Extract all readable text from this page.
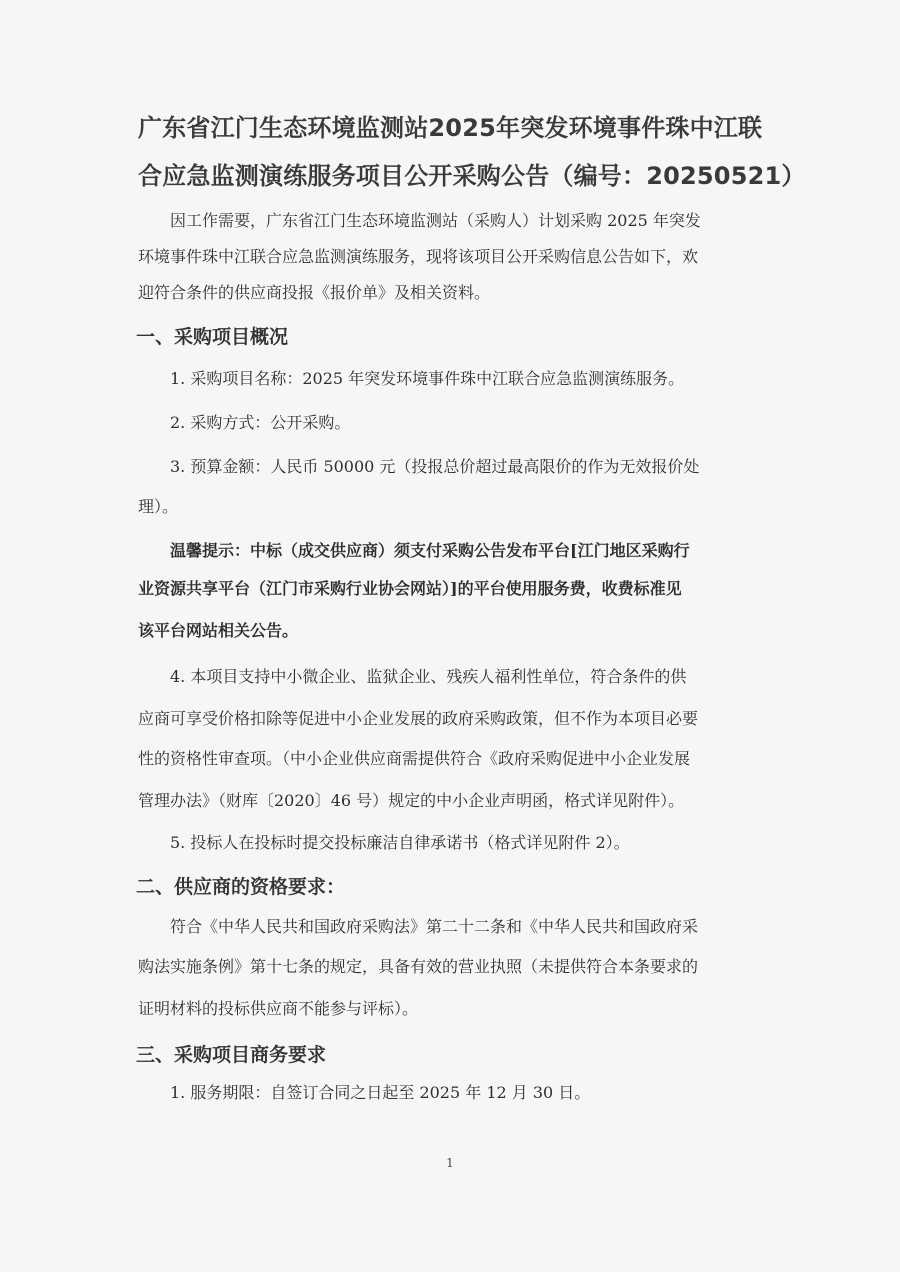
广东省江门生态环境监测站2025年突发环境事件珠中江联
合应急监测演练服务项目公开采购公告（编号：20250521）
因工作需要，广东省江门生态环境监测站（采购人）计划采购 2025 年突发
环境事件珠中江联合应急监测演练服务，现将该项目公开采购信息公告如下，欢
迎符合条件的供应商投报《报价单》及相关资料。
一、采购项目概况
1. 采购项目名称：2025 年突发环境事件珠中江联合应急监测演练服务。
2. 采购方式：公开采购。
3. 预算金额：人民币 50000 元（投报总价超过最高限价的作为无效报价处
理）。
温馨提示：中标（成交供应商）须支付采购公告发布平台[江门地区采购行
业资源共享平台（江门市采购行业协会网站）]的平台使用服务费，收费标准见
该平台网站相关公告。
4. 本项目支持中小微企业、监狱企业、残疾人福利性单位，符合条件的供
应商可享受价格扣除等促进中小企业发展的政府采购政策，但不作为本项目必要
性的资格性审查项。（中小企业供应商需提供符合《政府采购促进中小企业发展
管理办法》（财库〔2020〕46 号）规定的中小企业声明函，格式详见附件）。
5. 投标人在投标时提交投标廉洁自律承诺书（格式详见附件 2）。
二、供应商的资格要求：
符合《中华人民共和国政府采购法》第二十二条和《中华人民共和国政府采
购法实施条例》第十七条的规定，具备有效的营业执照（未提供符合本条要求的
证明材料的投标供应商不能参与评标）。
三、采购项目商务要求
1. 服务期限：自签订合同之日起至 2025 年 12 月 30 日。
1
